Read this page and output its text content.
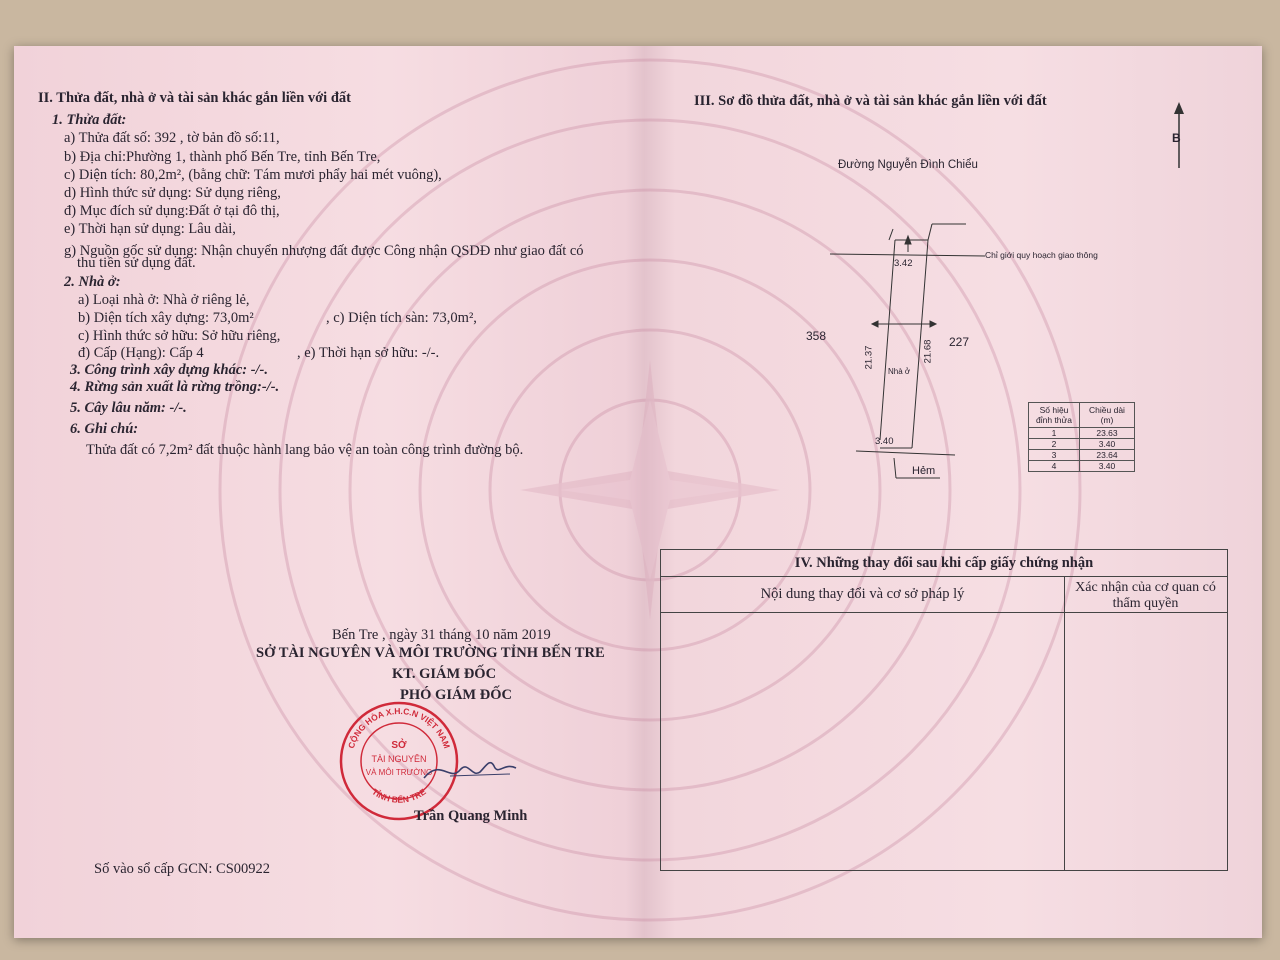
II. Thửa đất, nhà ở và tài sản khác gắn liền với đất
1. Thửa đất:
a) Thửa đất số: 392 , tờ bản đồ số:11,
b) Địa chỉ:Phường 1, thành phố Bến Tre, tỉnh Bến Tre,
c) Diện tích: 80,2m², (bằng chữ: Tám mươi phẩy hai mét vuông),
d) Hình thức sử dụng: Sử dụng riêng,
đ) Mục đích sử dụng:Đất ở tại đô thị,
e) Thời hạn sử dụng: Lâu dài,
g) Nguồn gốc sử dụng: Nhận chuyển nhượng đất được Công nhận QSDĐ như giao đất có
thu tiền sử dụng đất.
2. Nhà ở:
a) Loại nhà ở: Nhà ở riêng lẻ,
b) Diện tích xây dựng: 73,0m²	, c) Diện tích sàn: 73,0m²,
c) Hình thức sở hữu: Sở hữu riêng,
đ) Cấp (Hạng): Cấp 4	, e) Thời hạn sở hữu: -/-.
3. Công trình xây dựng khác: -/-.
4. Rừng sản xuất là rừng trồng:-/-.
5. Cây lâu năm: -/-.
6. Ghi chú:
Thửa đất có 7,2m² đất thuộc hành lang bảo vệ an toàn công trình đường bộ.
Bến Tre , ngày 31 tháng 10 năm 2019
SỞ TÀI NGUYÊN VÀ MÔI TRƯỜNG TỈNH BẾN TRE
KT. GIÁM ĐỐC
PHÓ GIÁM ĐỐC
CỘNG HÒA X.H.C.N VIỆT NAM
TỈNH BẾN TRE
SỞ
TÀI NGUYÊN
VÀ MÔI TRƯỜNG
Trần Quang Minh
Số vào sổ cấp GCN: CS00922
III. Sơ đồ thửa đất, nhà ở và tài sản khác gắn liền với đất
B
Đường Nguyễn Đình Chiểu
3.42
Chỉ giới quy hoạch giao thông
358	227
21.37	21.68
Nhà ở
3.40
Hẻm
Số hiệu đỉnh thửa	Chiều dài (m)
1	23.63
2	3.40
3	23.64
4	3.40
IV. Những thay đổi sau khi cấp giấy chứng nhận
Nội dung thay đổi và cơ sở pháp lý	Xác nhận của cơ quan có thẩm quyền
